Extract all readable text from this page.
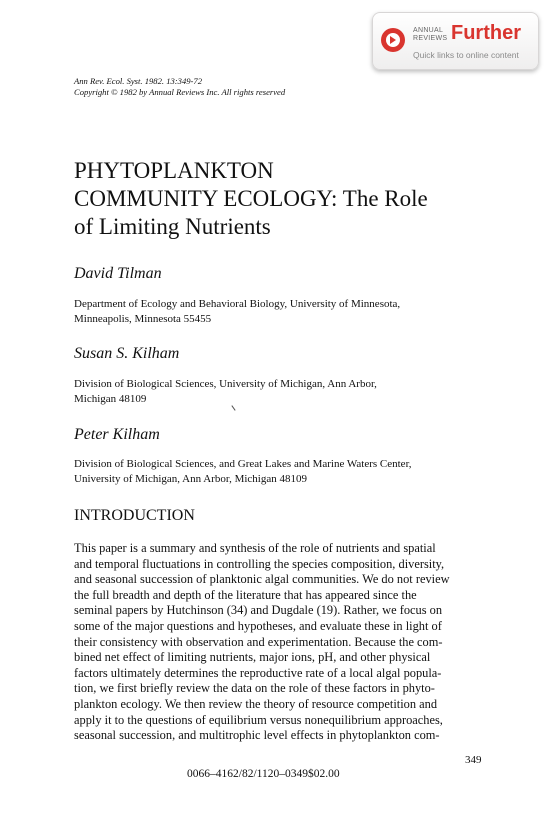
ANNUAL
REVIEWS Further
Quick links to online content
Ann Rev. Ecol. Syst. 1982. 13:349-72
Copyright © 1982 by Annual Reviews Inc. All rights reserved
PHYTOPLANKTON
COMMUNITY ECOLOGY: The Role
of Limiting Nutrients
David Tilman
Department of Ecology and Behavioral Biology, University of Minnesota,
Minneapolis, Minnesota 55455
Susan S. Kilham
Division of Biological Sciences, University of Michigan, Ann Arbor,
Michigan 48109
Peter Kilham
Division of Biological Sciences, and Great Lakes and Marine Waters Center,
University of Michigan, Ann Arbor, Michigan 48109
INTRODUCTION
This paper is a summary and synthesis of the role of nutrients and spatial
and temporal fluctuations in controlling the species composition, diversity,
and seasonal succession of planktonic algal communities. We do not review
the full breadth and depth of the literature that has appeared since the
seminal papers by Hutchinson (34) and Dugdale (19). Rather, we focus on
some of the major questions and hypotheses, and evaluate these in light of
their consistency with observation and experimentation. Because the com-
bined net effect of limiting nutrients, major ions, pH, and other physical
factors ultimately determines the reproductive rate of a local algal popula-
tion, we first briefly review the data on the role of these factors in phyto-
plankton ecology. We then review the theory of resource competition and
apply it to the questions of equilibrium versus nonequilibrium approaches,
seasonal succession, and multitrophic level effects in phytoplankton com-
349
0066–4162/82/1120–0349$02.00
